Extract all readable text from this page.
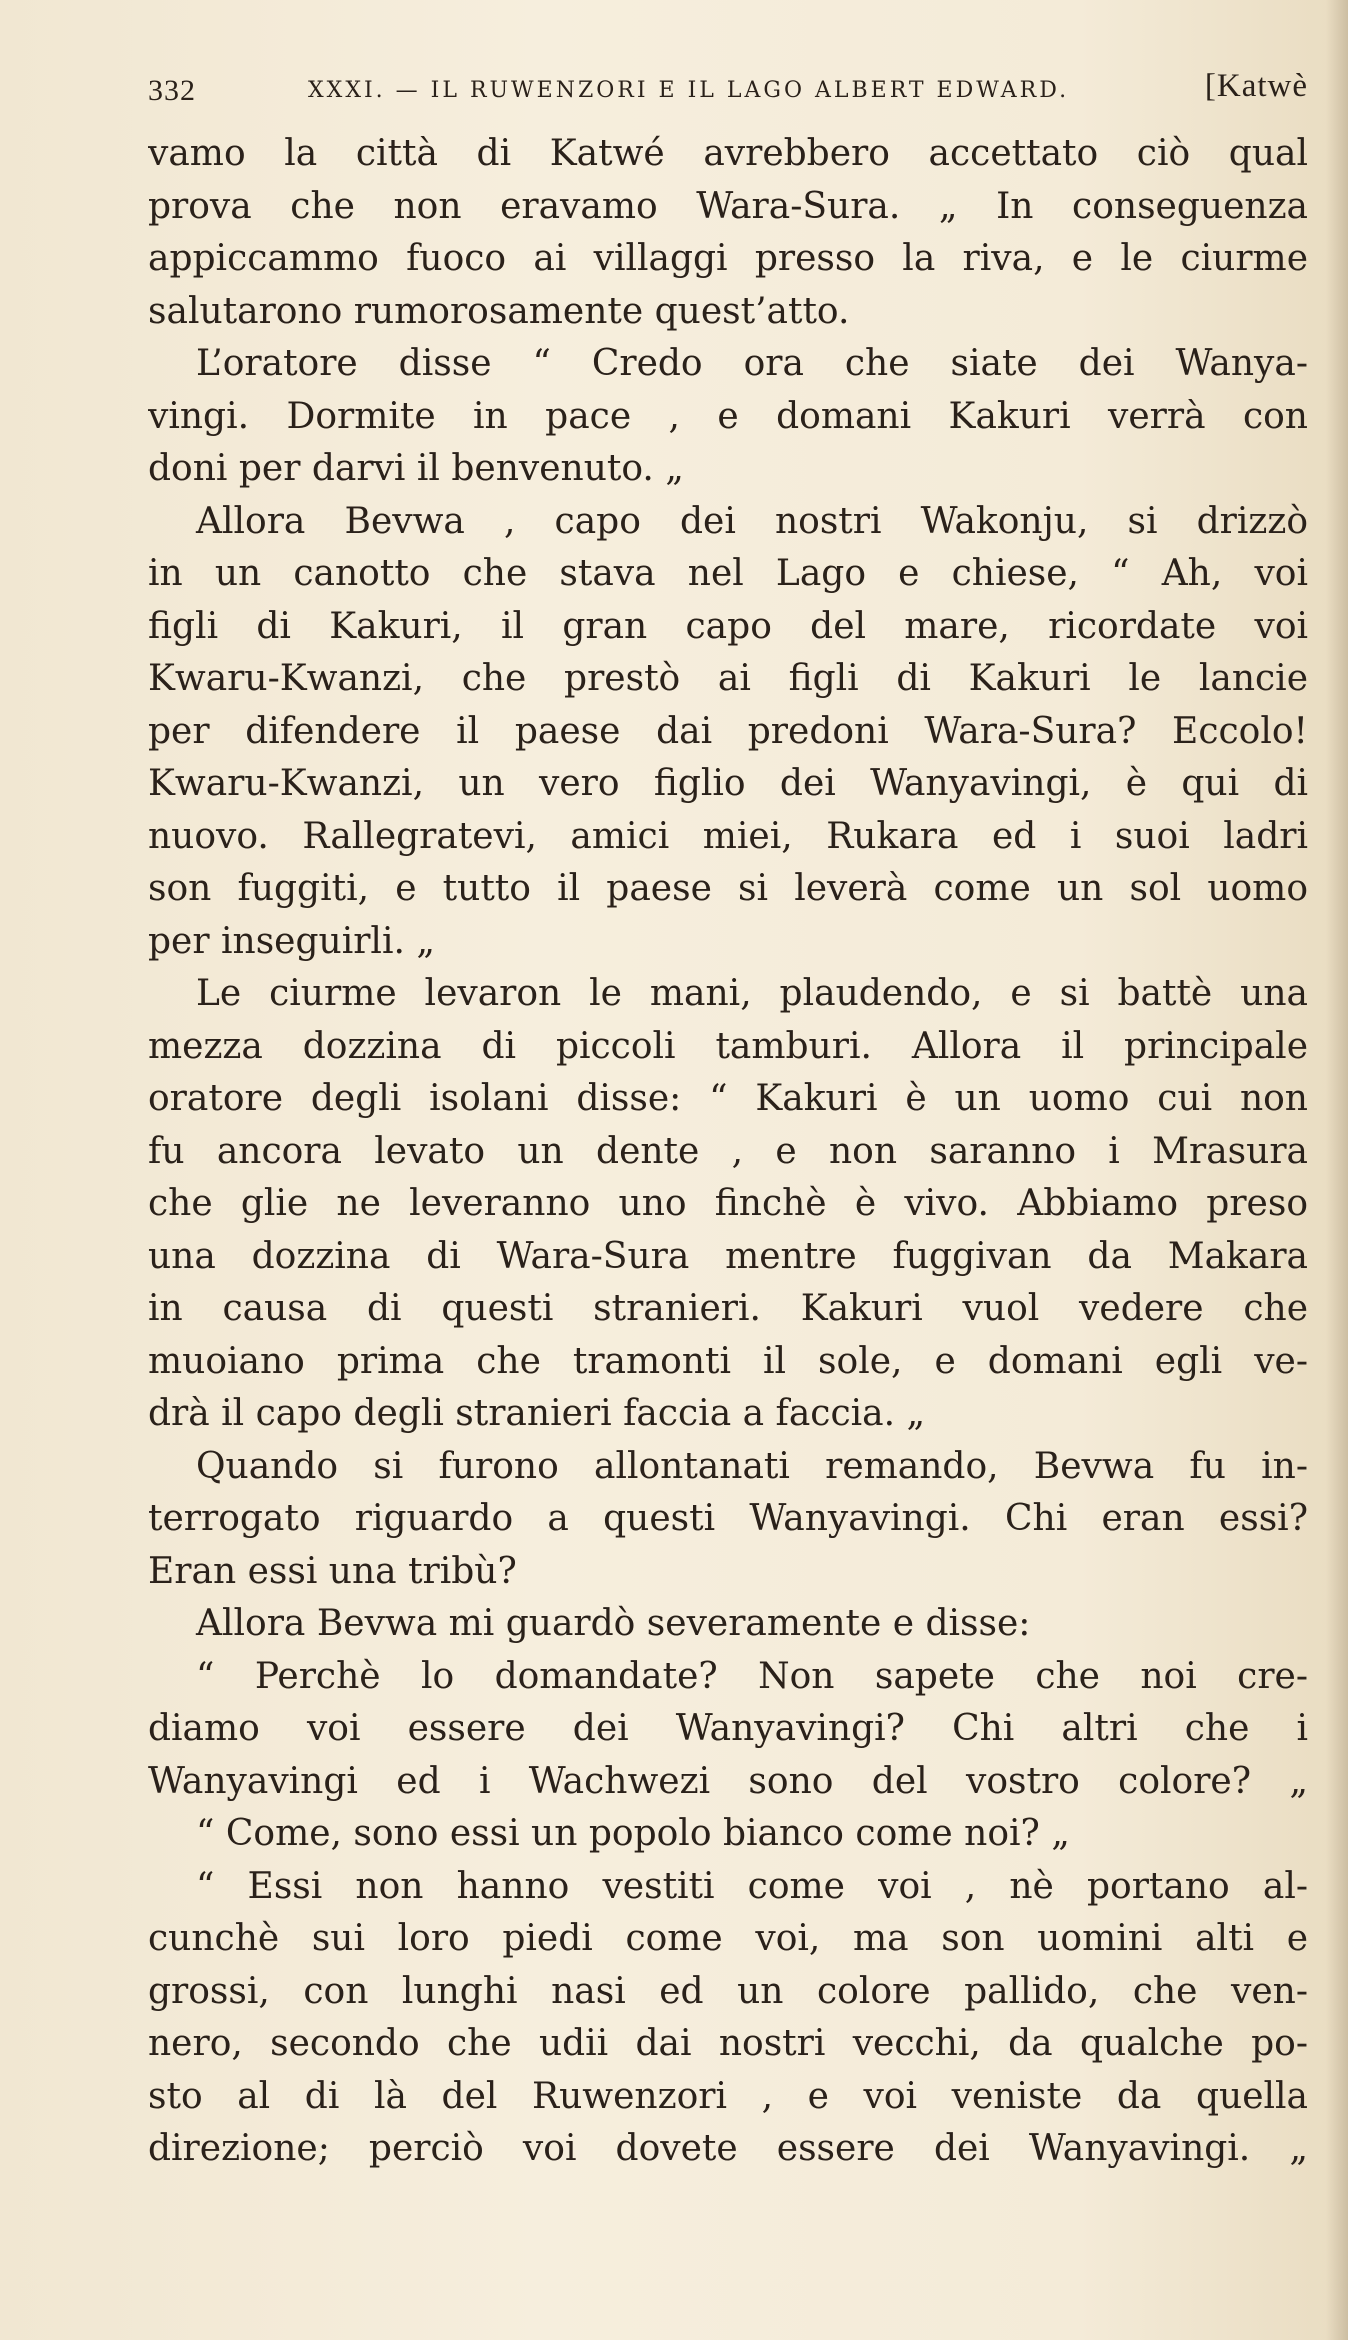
332	XXXI. — IL RUWENZORI E IL LAGO ALBERT EDWARD.	[Katwè
vamo la città di Katwé avrebbero accettato ciò qual
prova che non eravamo Wara-Sura. „ In conseguenza
appiccammo fuoco ai villaggi presso la riva, e le ciurme
salutarono rumorosamente quest’atto.
L’oratore disse “ Credo ora che siate dei Wanya-
vingi. Dormite in pace , e domani Kakuri verrà con
doni per darvi il benvenuto. „
Allora Bevwa , capo dei nostri Wakonju, si drizzò
in un canotto che stava nel Lago e chiese, “ Ah, voi
figli di Kakuri, il gran capo del mare, ricordate voi
Kwaru-Kwanzi, che prestò ai figli di Kakuri le lancie
per difendere il paese dai predoni Wara-Sura? Eccolo!
Kwaru-Kwanzi, un vero figlio dei Wanyavingi, è qui di
nuovo. Rallegratevi, amici miei, Rukara ed i suoi ladri
son fuggiti, e tutto il paese si leverà come un sol uomo
per inseguirli. „
Le ciurme levaron le mani, plaudendo, e si battè una
mezza dozzina di piccoli tamburi. Allora il principale
oratore degli isolani disse: “ Kakuri è un uomo cui non
fu ancora levato un dente , e non saranno i Mrasura
che glie ne leveranno uno finchè è vivo. Abbiamo preso
una dozzina di Wara-Sura mentre fuggivan da Makara
in causa di questi stranieri. Kakuri vuol vedere che
muoiano prima che tramonti il sole, e domani egli ve-
drà il capo degli stranieri faccia a faccia. „
Quando si furono allontanati remando, Bevwa fu in-
terrogato riguardo a questi Wanyavingi. Chi eran essi?
Eran essi una tribù?
Allora Bevwa mi guardò severamente e disse:
“ Perchè lo domandate? Non sapete che noi cre-
diamo voi essere dei Wanyavingi? Chi altri che i
Wanyavingi ed i Wachwezi sono del vostro colore? „
“ Come, sono essi un popolo bianco come noi? „
“ Essi non hanno vestiti come voi , nè portano al-
cunchè sui loro piedi come voi, ma son uomini alti e
grossi, con lunghi nasi ed un colore pallido, che ven-
nero, secondo che udii dai nostri vecchi, da qualche po-
sto al di là del Ruwenzori , e voi veniste da quella
direzione; perciò voi dovete essere dei Wanyavingi. „
